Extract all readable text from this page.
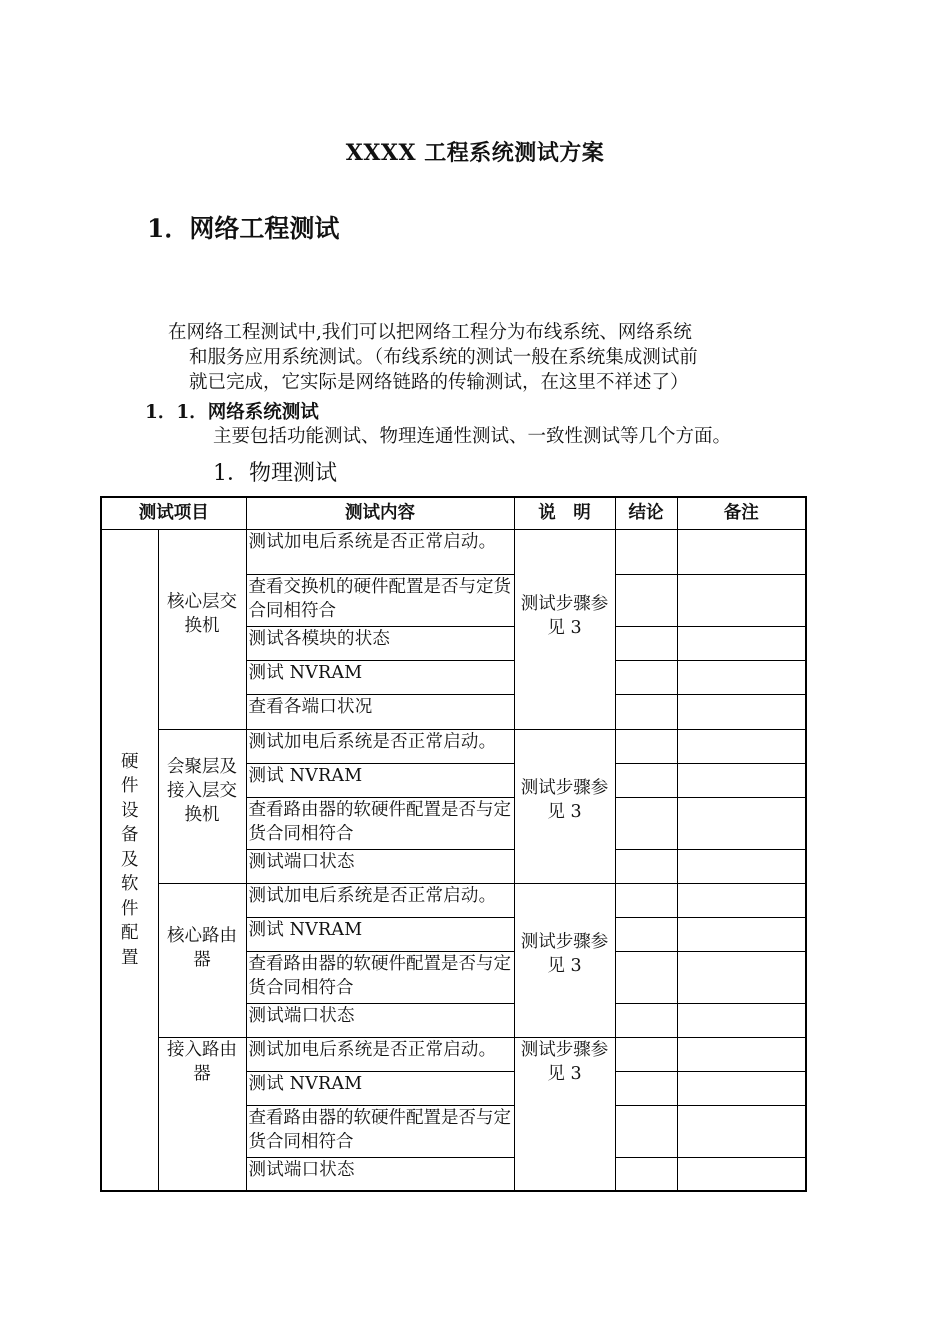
XXXX 工程系统测试方案
1．网络工程测试
在网络工程测试中,我们可以把网络工程分为布线系统、网络系统
和服务应用系统测试。（布线系统的测试一般在系统集成测试前
就已完成，它实际是网络链路的传输测试，在这里不祥述了）
1．1．网络系统测试
主要包括功能测试、物理连通性测试、一致性测试等几个方面。
1．物理测试
测试项目		测试内容	说　明	结论	备注

硬件设备及软件配置	核心层交换机	测试加电后系统是否正常启动。	测试步骤参见 3		

		查看交换机的硬件配置是否与定货合同相符合			
		测试各模块的状态			
		测试 NVRAM			
		查看各端口状况			

	会聚层及接入层交换机	测试加电后系统是否正常启动。	测试步骤参见 3		

		测试 NVRAM			
		查看路由器的软硬件配置是否与定货合同相符合			
		测试端口状态			

	核心路由器	测试加电后系统是否正常启动。	测试步骤参见 3		

		测试 NVRAM			
		查看路由器的软硬件配置是否与定货合同相符合			
		测试端口状态			

	接入路由器	测试加电后系统是否正常启动。	测试步骤参见 3		

		测试 NVRAM			
		查看路由器的软硬件配置是否与定货合同相符合			
		测试端口状态			
